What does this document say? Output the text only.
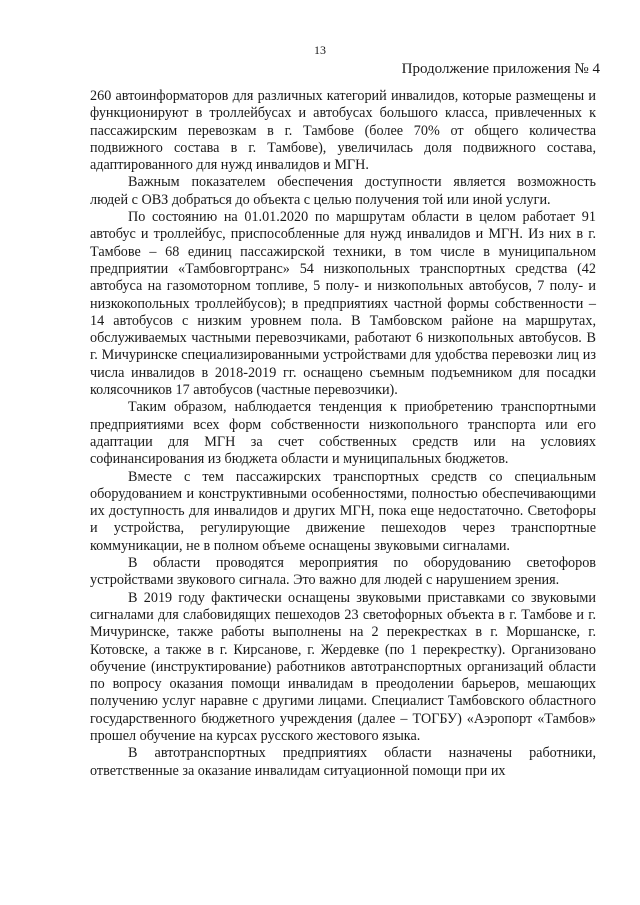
13
Продолжение приложения № 4

260 автоинформаторов для различных категорий инвалидов, которые размещены и функционируют в троллейбусах и автобусах большого класса, привлеченных к пассажирским перевозкам в г. Тамбове (более 70% от общего количества подвижного состава в г. Тамбове), увеличилась доля подвижного состава, адаптированного для нужд инвалидов и МГН.

Важным показателем обеспечения доступности является возможность людей с ОВЗ добраться до объекта с целью получения той или иной услуги.

По состоянию на 01.01.2020 по маршрутам области в целом работает 91 автобус и троллейбус, приспособленные для нужд инвалидов и МГН. Из них в г. Тамбове – 68 единиц пассажирской техники, в том числе в муниципальном предприятии «Тамбовгортранс» 54 низкопольных транспортных средства (42 автобуса на газомоторном топливе, 5 полу- и низкопольных автобусов, 7 полу- и низкокопольных троллейбусов); в предприятиях частной формы собственности – 14 автобусов с низким уровнем пола. В Тамбовском районе на маршрутах, обслуживаемых частными перевозчиками, работают 6 низкопольных автобусов. В г. Мичуринске специализированными устройствами для удобства перевозки лиц из числа инвалидов в 2018-2019 гг. оснащено съемным подъемником для посадки колясочников 17 автобусов (частные перевозчики).

Таким образом, наблюдается тенденция к приобретению транспортными предприятиями всех форм собственности низкопольного транспорта или его адаптации для МГН за счет собственных средств или на условиях софинансирования из бюджета области и муниципальных бюджетов.

Вместе с тем пассажирских транспортных средств со специальным оборудованием и конструктивными особенностями, полностью обеспечивающими их доступность для инвалидов и других МГН, пока еще недостаточно. Светофоры и устройства, регулирующие движение пешеходов через транспортные коммуникации, не в полном объеме оснащены звуковыми сигналами.

В области проводятся мероприятия по оборудованию светофоров устройствами звукового сигнала. Это важно для людей с нарушением зрения.

В 2019 году фактически оснащены звуковыми приставками со звуковыми сигналами для слабовидящих пешеходов 23 светофорных объекта в г. Тамбове и г. Мичуринске, также работы выполнены на 2 перекрестках в г. Моршанске, г. Котовске, а также в г. Кирсанове, г. Жердевке (по 1 перекрестку). Организовано обучение (инструктирование) работников автотранспортных организаций области по вопросу оказания помощи инвалидам в преодолении барьеров, мешающих получению услуг наравне с другими лицами. Специалист Тамбовского областного государственного бюджетного учреждения (далее – ТОГБУ) «Аэропорт «Тамбов» прошел обучение на курсах русского жестового языка.

В автотранспортных предприятиях области назначены работники, ответственные за оказание инвалидам ситуационной помощи при их
